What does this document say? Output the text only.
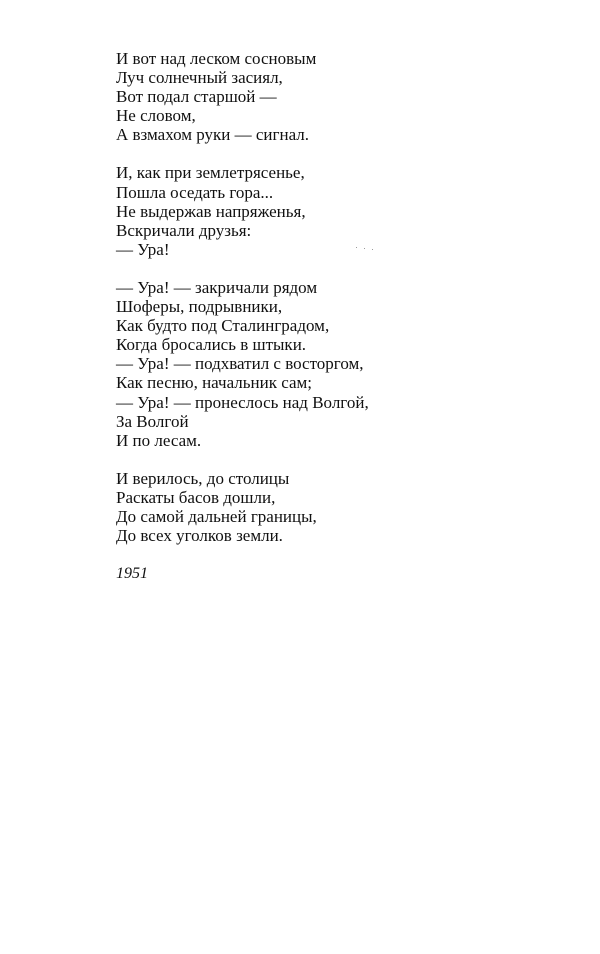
И вот над леском сосновым
Луч солнечный засиял,
Вот подал старшой —
Не словом,
А взмахом руки — сигнал.
И, как при землетрясенье,
Пошла оседать гора...
Не выдержав напряженья,
Вскричали друзья:
— Ура!
— Ура! — закричали рядом
Шоферы, подрывники,
Как будто под Сталинградом,
Когда бросались в штыки.
— Ура! — подхватил с восторгом,
Как песню, начальник сам;
— Ура! — пронеслось над Волгой,
За Волгой
И по лесам.
И верилось, до столицы
Раскаты басов дошли,
До самой дальней границы,
До всех уголков земли.
1951
